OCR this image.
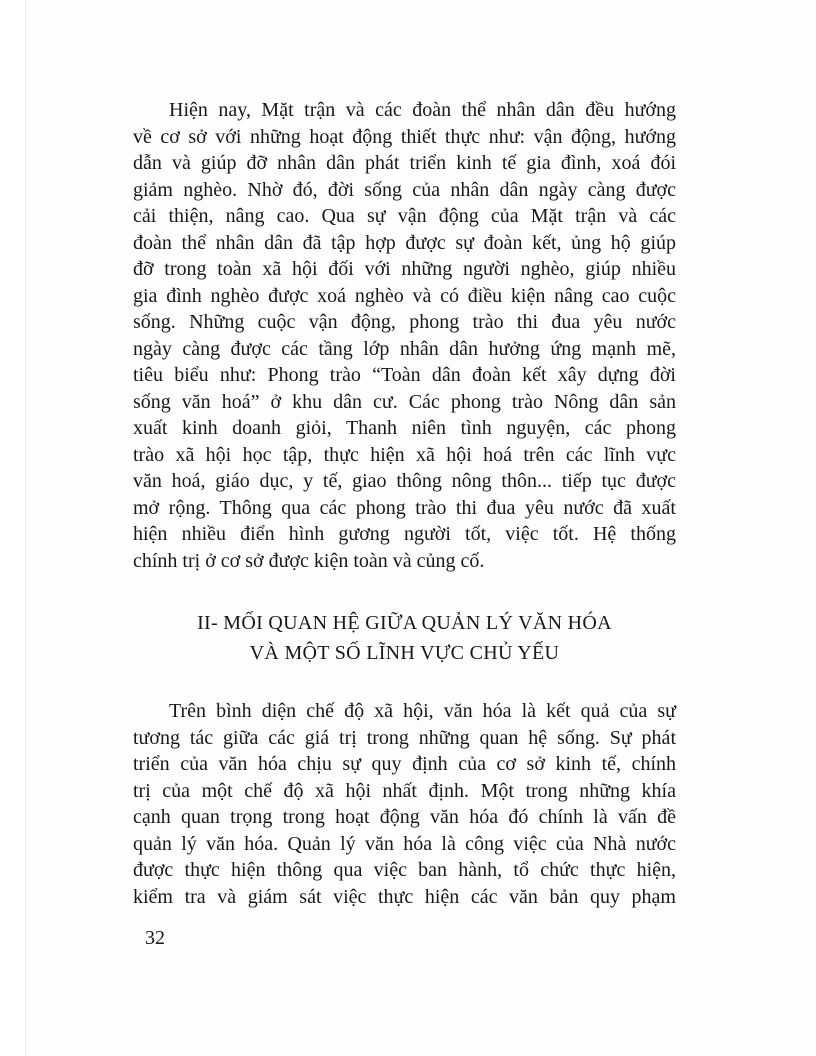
Hiện nay, Mặt trận và các đoàn thể nhân dân đều hướng
về cơ sở với những hoạt động thiết thực như: vận động, hướng
dẫn và giúp đỡ nhân dân phát triển kinh tế gia đình, xoá đói
giảm nghèo. Nhờ đó, đời sống của nhân dân ngày càng được
cải thiện, nâng cao. Qua sự vận động của Mặt trận và các
đoàn thể nhân dân đã tập hợp được sự đoàn kết, ủng hộ giúp
đỡ trong toàn xã hội đối với những người nghèo, giúp nhiều
gia đình nghèo được xoá nghèo và có điều kiện nâng cao cuộc
sống. Những cuộc vận động, phong trào thi đua yêu nước
ngày càng được các tầng lớp nhân dân hưởng ứng mạnh mẽ,
tiêu biểu như: Phong trào “Toàn dân đoàn kết xây dựng đời
sống văn hoá” ở khu dân cư. Các phong trào Nông dân sản
xuất kinh doanh giỏi, Thanh niên tình nguyện, các phong
trào xã hội học tập, thực hiện xã hội hoá trên các lĩnh vực
văn hoá, giáo dục, y tế, giao thông nông thôn... tiếp tục được
mở rộng. Thông qua các phong trào thi đua yêu nước đã xuất
hiện nhiều điển hình gương người tốt, việc tốt. Hệ thống
chính trị ở cơ sở được kiện toàn và củng cố.
II- MỐI QUAN HỆ GIỮA QUẢN LÝ VĂN HÓA
VÀ MỘT SỐ LĨNH VỰC CHỦ YẾU
Trên bình diện chế độ xã hội, văn hóa là kết quả của sự
tương tác giữa các giá trị trong những quan hệ sống. Sự phát
triển của văn hóa chịu sự quy định của cơ sở kinh tế, chính
trị của một chế độ xã hội nhất định. Một trong những khía
cạnh quan trọng trong hoạt động văn hóa đó chính là vấn đề
quản lý văn hóa. Quản lý văn hóa là công việc của Nhà nước
được thực hiện thông qua việc ban hành, tổ chức thực hiện,
kiểm tra và giám sát việc thực hiện các văn bản quy phạm
32
